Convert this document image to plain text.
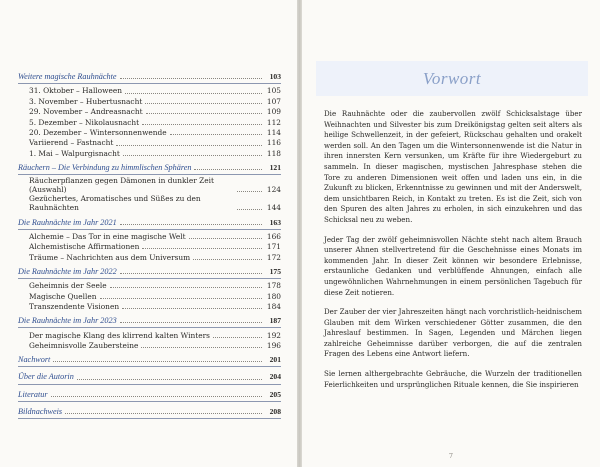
Weitere magische Rauhnächte	103
31. Oktober – Halloween	105
3. November – Hubertusnacht	107
29. November – Andreasnacht	109
5. Dezember – Nikolausnacht	112
20. Dezember – Wintersonnenwende	114
Variierend – Fastnacht	116
1. Mai – Walpurgisnacht	118
Räuchern – Die Verbindung zu himmlischen Sphären	121
Räucherpflanzen gegen Dämonen in dunkler Zeit (Auswahl)	124
Gezüchertes, Aromatisches und Süßes zu den Rauhnächten	144
Die Rauhnächte im Jahr 2021	163
Alchemie – Das Tor in eine magische Welt	166
Alchemistische Affirmationen	171
Träume – Nachrichten aus dem Universum	172
Die Rauhnächte im Jahr 2022	175
Geheimnis der Seele	178
Magische Quellen	180
Transzendente Visionen	184
Die Rauhnächte im Jahr 2023	187
Der magische Klang des klirrend kalten Winters	192
Geheimnisvolle Zaubersteine	196
Nachwort	201
Über die Autorin	204
Literatur	205
Bildnachweis	208
Vorwort

Die Rauhnächte oder die zaubervollen zwölf Schicksalstage über Weihnachten und Silvester bis zum Dreikönigstag gelten seit alters als heilige Schwellenzeit, in der gefeiert, Rückschau gehalten und orakelt werden soll. An den Tagen um die Wintersonnenwende ist die Natur in ihren innersten Kern versunken, um Kräfte für ihre Wiedergeburt zu sammeln. In dieser magischen, mystischen Jahresphase stehen die Tore zu anderen Dimensionen weit offen und laden uns ein, in die Zukunft zu blicken, Erkenntnisse zu gewinnen und mit der Anderswelt, dem unsichtbaren Reich, in Kontakt zu treten. Es ist die Zeit, sich von den Spuren des alten Jahres zu erholen, in sich einzukehren und das Schicksal neu zu weben.

Jeder Tag der zwölf geheimnisvollen Nächte steht nach altem Brauch unserer Ahnen stellvertretend für die Geschehnisse eines Monats im kommenden Jahr. In dieser Zeit können wir besondere Erlebnisse, erstaunliche Gedanken und verblüffende Ahnungen, einfach alle ungewöhnlichen Wahrnehmungen in einem persönlichen Tagebuch für diese Zeit notieren.

Der Zauber der vier Jahreszeiten hängt nach vorchristlich-heidnischem Glauben mit dem Wirken verschiedener Götter zusammen, die den Jahreslauf bestimmen. In Sagen, Legenden und Märchen liegen zahlreiche Geheimnisse darüber verborgen, die auf die zentralen Fragen des Lebens eine Antwort liefern.

Sie lernen althergebrachte Gebräuche, die Wurzeln der traditionellen Feierlichkeiten und ursprünglichen Rituale kennen, die Sie inspirieren

7
